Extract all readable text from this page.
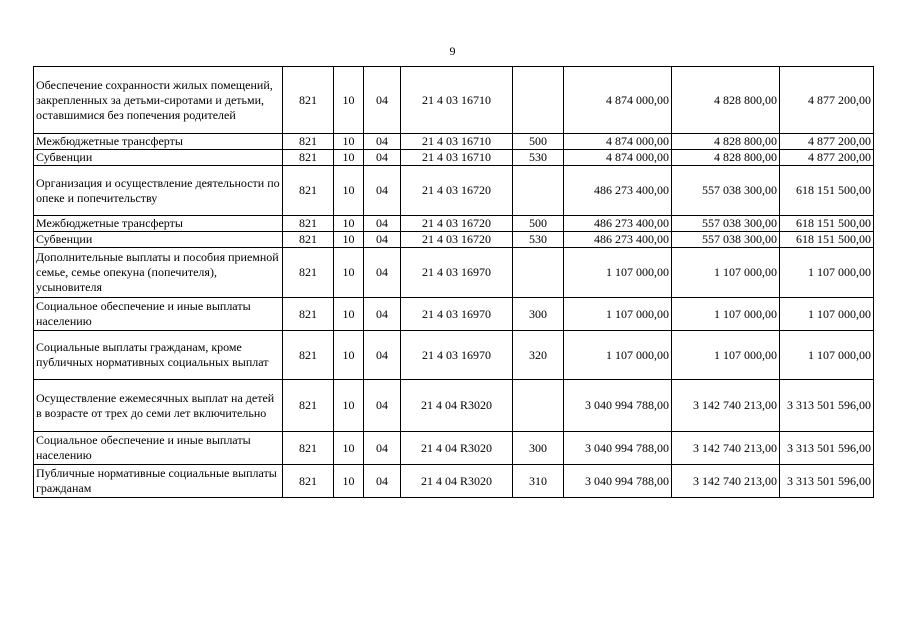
9
Обеспечение сохранности жилых помещений, закрепленных за детьми-сиротами и детьми, оставшимися без попечения родителей	821	10	04	21 4 03 16710		4 874 000,00	4 828 800,00	4 877 200,00
Межбюджетные трансферты	821	10	04	21 4 03 16710	500	4 874 000,00	4 828 800,00	4 877 200,00
Субвенции	821	10	04	21 4 03 16710	530	4 874 000,00	4 828 800,00	4 877 200,00
Организация и осуществление деятельности по опеке и попечительству	821	10	04	21 4 03 16720		486 273 400,00	557 038 300,00	618 151 500,00
Межбюджетные трансферты	821	10	04	21 4 03 16720	500	486 273 400,00	557 038 300,00	618 151 500,00
Субвенции	821	10	04	21 4 03 16720	530	486 273 400,00	557 038 300,00	618 151 500,00
Дополнительные выплаты и пособия приемной семье, семье опекуна (попечителя), усыновителя	821	10	04	21 4 03 16970		1 107 000,00	1 107 000,00	1 107 000,00
Социальное обеспечение и иные выплаты населению	821	10	04	21 4 03 16970	300	1 107 000,00	1 107 000,00	1 107 000,00
Социальные выплаты гражданам, кроме публичных нормативных социальных выплат	821	10	04	21 4 03 16970	320	1 107 000,00	1 107 000,00	1 107 000,00
Осуществление ежемесячных выплат на детей в возрасте от трех до семи лет включительно	821	10	04	21 4 04 R3020		3 040 994 788,00	3 142 740 213,00	3 313 501 596,00
Социальное обеспечение и иные выплаты населению	821	10	04	21 4 04 R3020	300	3 040 994 788,00	3 142 740 213,00	3 313 501 596,00
Публичные нормативные социальные выплаты гражданам	821	10	04	21 4 04 R3020	310	3 040 994 788,00	3 142 740 213,00	3 313 501 596,00
